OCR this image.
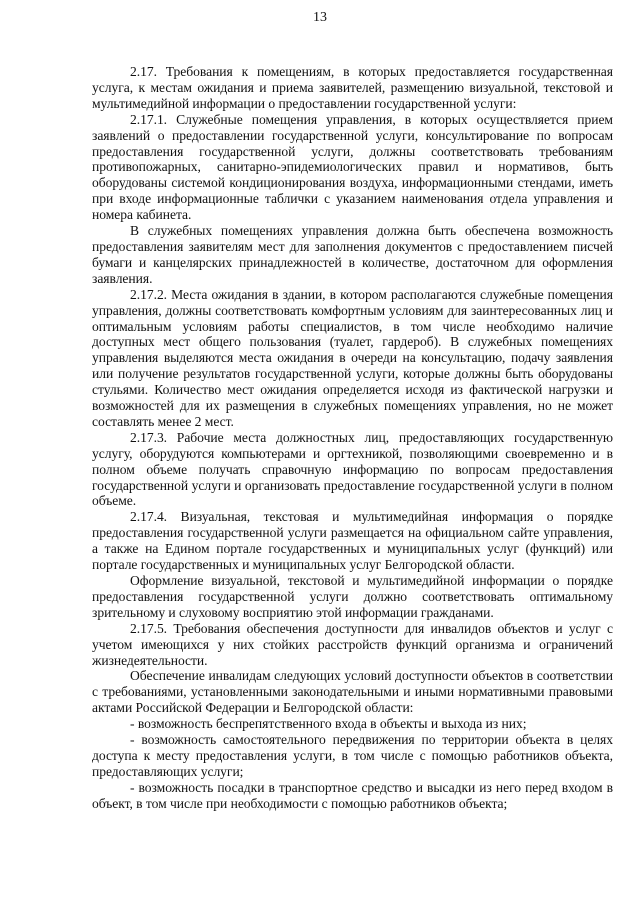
13

2.17. Требования к помещениям, в которых предоставляется государственная услуга, к местам ожидания и приема заявителей, размещению визуальной, текстовой и мультимедийной информации о предоставлении государственной услуги:

2.17.1. Служебные помещения управления, в которых осуществляется прием заявлений о предоставлении государственной услуги, консультирование по вопросам предоставления государственной услуги, должны соответствовать требованиям противопожарных, санитарно-эпидемиологических правил и нормативов, быть оборудованы системой кондиционирования воздуха, информационными стендами, иметь при входе информационные таблички с указанием наименования отдела управления и номера кабинета.

В служебных помещениях управления должна быть обеспечена возможность предоставления заявителям мест для заполнения документов с предоставлением писчей бумаги и канцелярских принадлежностей в количестве, достаточном для оформления заявления.

2.17.2. Места ожидания в здании, в котором располагаются служебные помещения управления, должны соответствовать комфортным условиям для заинтересованных лиц и оптимальным условиям работы специалистов, в том числе необходимо наличие доступных мест общего пользования (туалет, гардероб). В служебных помещениях управления выделяются места ожидания в очереди на консультацию, подачу заявления или получение результатов государственной услуги, которые должны быть оборудованы стульями. Количество мест ожидания определяется исходя из фактической нагрузки и возможностей для их размещения в служебных помещениях управления, но не может составлять менее 2 мест.

2.17.3. Рабочие места должностных лиц, предоставляющих государственную услугу, оборудуются компьютерами и оргтехникой, позволяющими своевременно и в полном объеме получать справочную информацию по вопросам предоставления государственной услуги и организовать предоставление государственной услуги в полном объеме.

2.17.4. Визуальная, текстовая и мультимедийная информация о порядке предоставления государственной услуги размещается на официальном сайте управления, а также на Едином портале государственных и муниципальных услуг (функций) или портале государственных и муниципальных услуг Белгородской области.

Оформление визуальной, текстовой и мультимедийной информации о порядке предоставления государственной услуги должно соответствовать оптимальному зрительному и слуховому восприятию этой информации гражданами.

2.17.5. Требования обеспечения доступности для инвалидов объектов и услуг с учетом имеющихся у них стойких расстройств функций организма и ограничений жизнедеятельности.

Обеспечение инвалидам следующих условий доступности объектов в соответствии с требованиями, установленными законодательными и иными нормативными правовыми актами Российской Федерации и Белгородской области:

- возможность беспрепятственного входа в объекты и выхода из них;

- возможность самостоятельного передвижения по территории объекта в целях доступа к месту предоставления услуги, в том числе с помощью работников объекта, предоставляющих услуги;

- возможность посадки в транспортное средство и высадки из него перед входом в объект, в том числе при необходимости с помощью работников объекта;
